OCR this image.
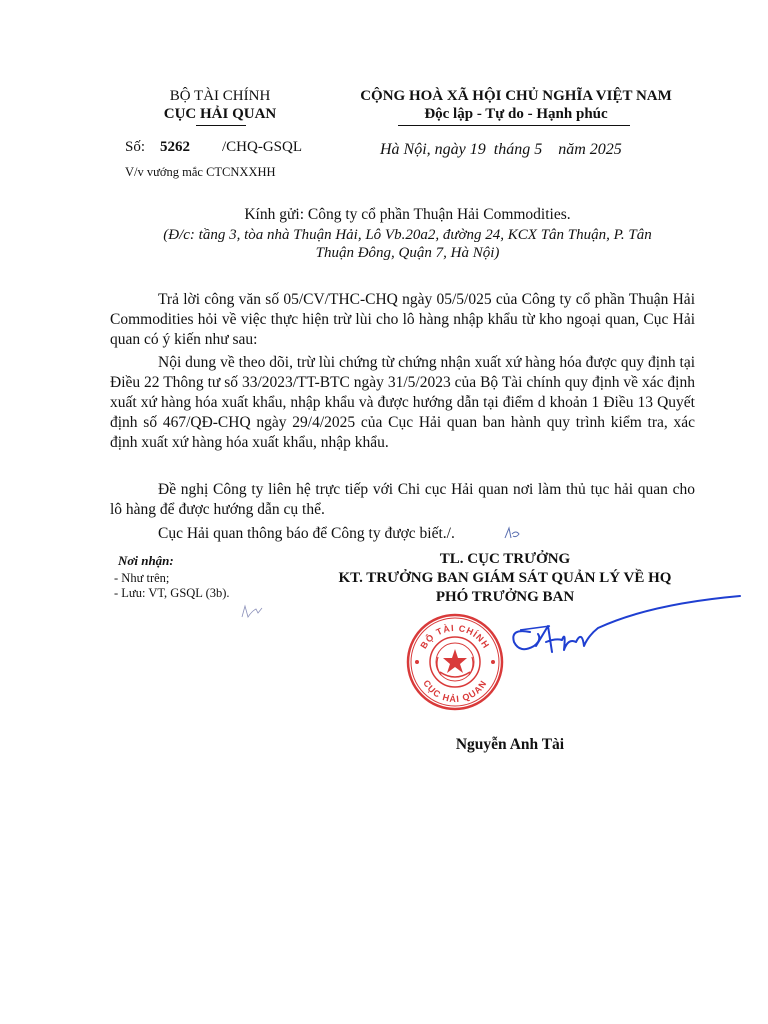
BỘ TÀI CHÍNH
CỤC HẢI QUAN
CỘNG HOÀ XÃ HỘI CHỦ NGHĨA VIỆT NAM
Độc lập - Tự do - Hạnh phúc
Số: 5262 /CHQ-GSQL
V/v vướng mắc CTCNXXHH
Hà Nội, ngày 19  tháng 5    năm 2025
Kính gửi: Công ty cổ phần Thuận Hải Commodities.
(Đ/c: tầng 3, tòa nhà Thuận Hải, Lô Vb.20a2, đường 24, KCX Tân Thuận, P. Tân
Thuận Đông, Quận 7, Hà Nội)
Trả lời công văn số 05/CV/THC-CHQ ngày 05/5/025 của Công ty cổ phần Thuận Hải Commodities hỏi về việc thực hiện trừ lùi cho lô hàng nhập khẩu từ kho ngoại quan, Cục Hải quan có ý kiến như sau:
Nội dung về theo dõi, trừ lùi chứng từ chứng nhận xuất xứ hàng hóa được quy định tại Điều 22 Thông tư số 33/2023/TT-BTC ngày 31/5/2023 của Bộ Tài chính quy định về xác định xuất xứ hàng hóa xuất khẩu, nhập khẩu và được hướng dẫn tại điểm d khoản 1 Điều 13 Quyết định số 467/QĐ-CHQ ngày 29/4/2025 của Cục Hải quan ban hành quy trình kiểm tra, xác định xuất xứ hàng hóa xuất khẩu, nhập khẩu.
Đề nghị Công ty liên hệ trực tiếp với Chi cục Hải quan nơi làm thủ tục hải quan cho lô hàng để được hướng dẫn cụ thể.
Cục Hải quan thông báo để Công ty được biết./.
Nơi nhận:
- Như trên;
- Lưu: VT, GSQL (3b).
TL. CỤC TRƯỞNG
KT. TRƯỞNG BAN GIÁM SÁT QUẢN LÝ VỀ HQ
PHÓ TRƯỞNG BAN
BỘ TÀI CHÍNH
CỤC HẢI QUAN
Nguyễn Anh Tài
